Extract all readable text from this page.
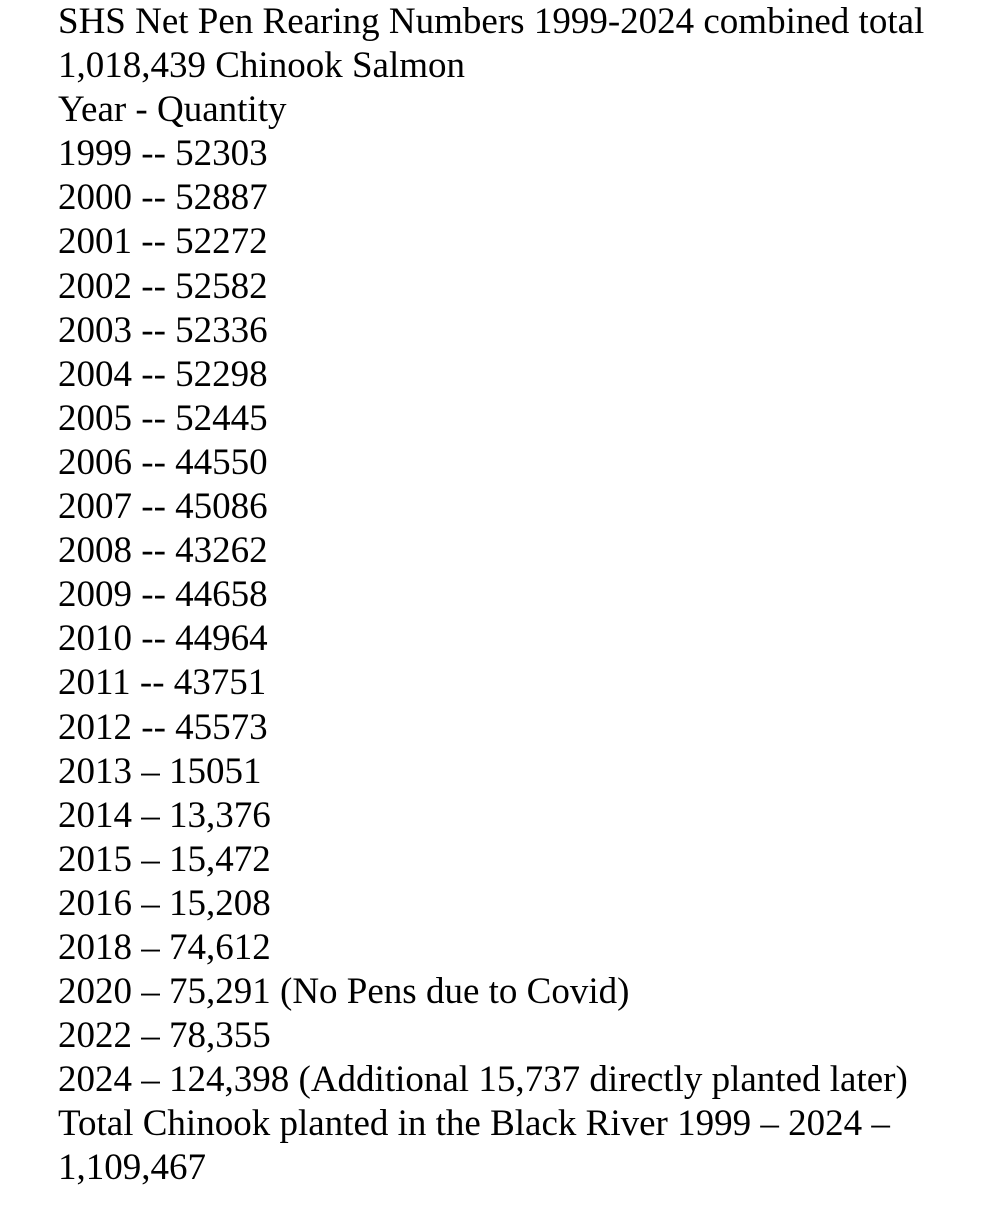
SHS Net Pen Rearing Numbers 1999-2024 combined total 1,018,439 Chinook Salmon
Year - Quantity
1999 -- 52303
2000 -- 52887
2001 -- 52272
2002 -- 52582
2003 -- 52336
2004 -- 52298
2005 -- 52445
2006 -- 44550
2007 -- 45086
2008 -- 43262
2009 -- 44658
2010 -- 44964
2011 -- 43751
2012 -- 45573
2013 – 15051
2014 – 13,376
2015 – 15,472
2016 – 15,208
2018 – 74,612
2020 – 75,291 (No Pens due to Covid)
2022 – 78,355
2024 – 124,398 (Additional 15,737 directly planted later)
Total Chinook planted in the Black River 1999 – 2024 – 1,109,467
